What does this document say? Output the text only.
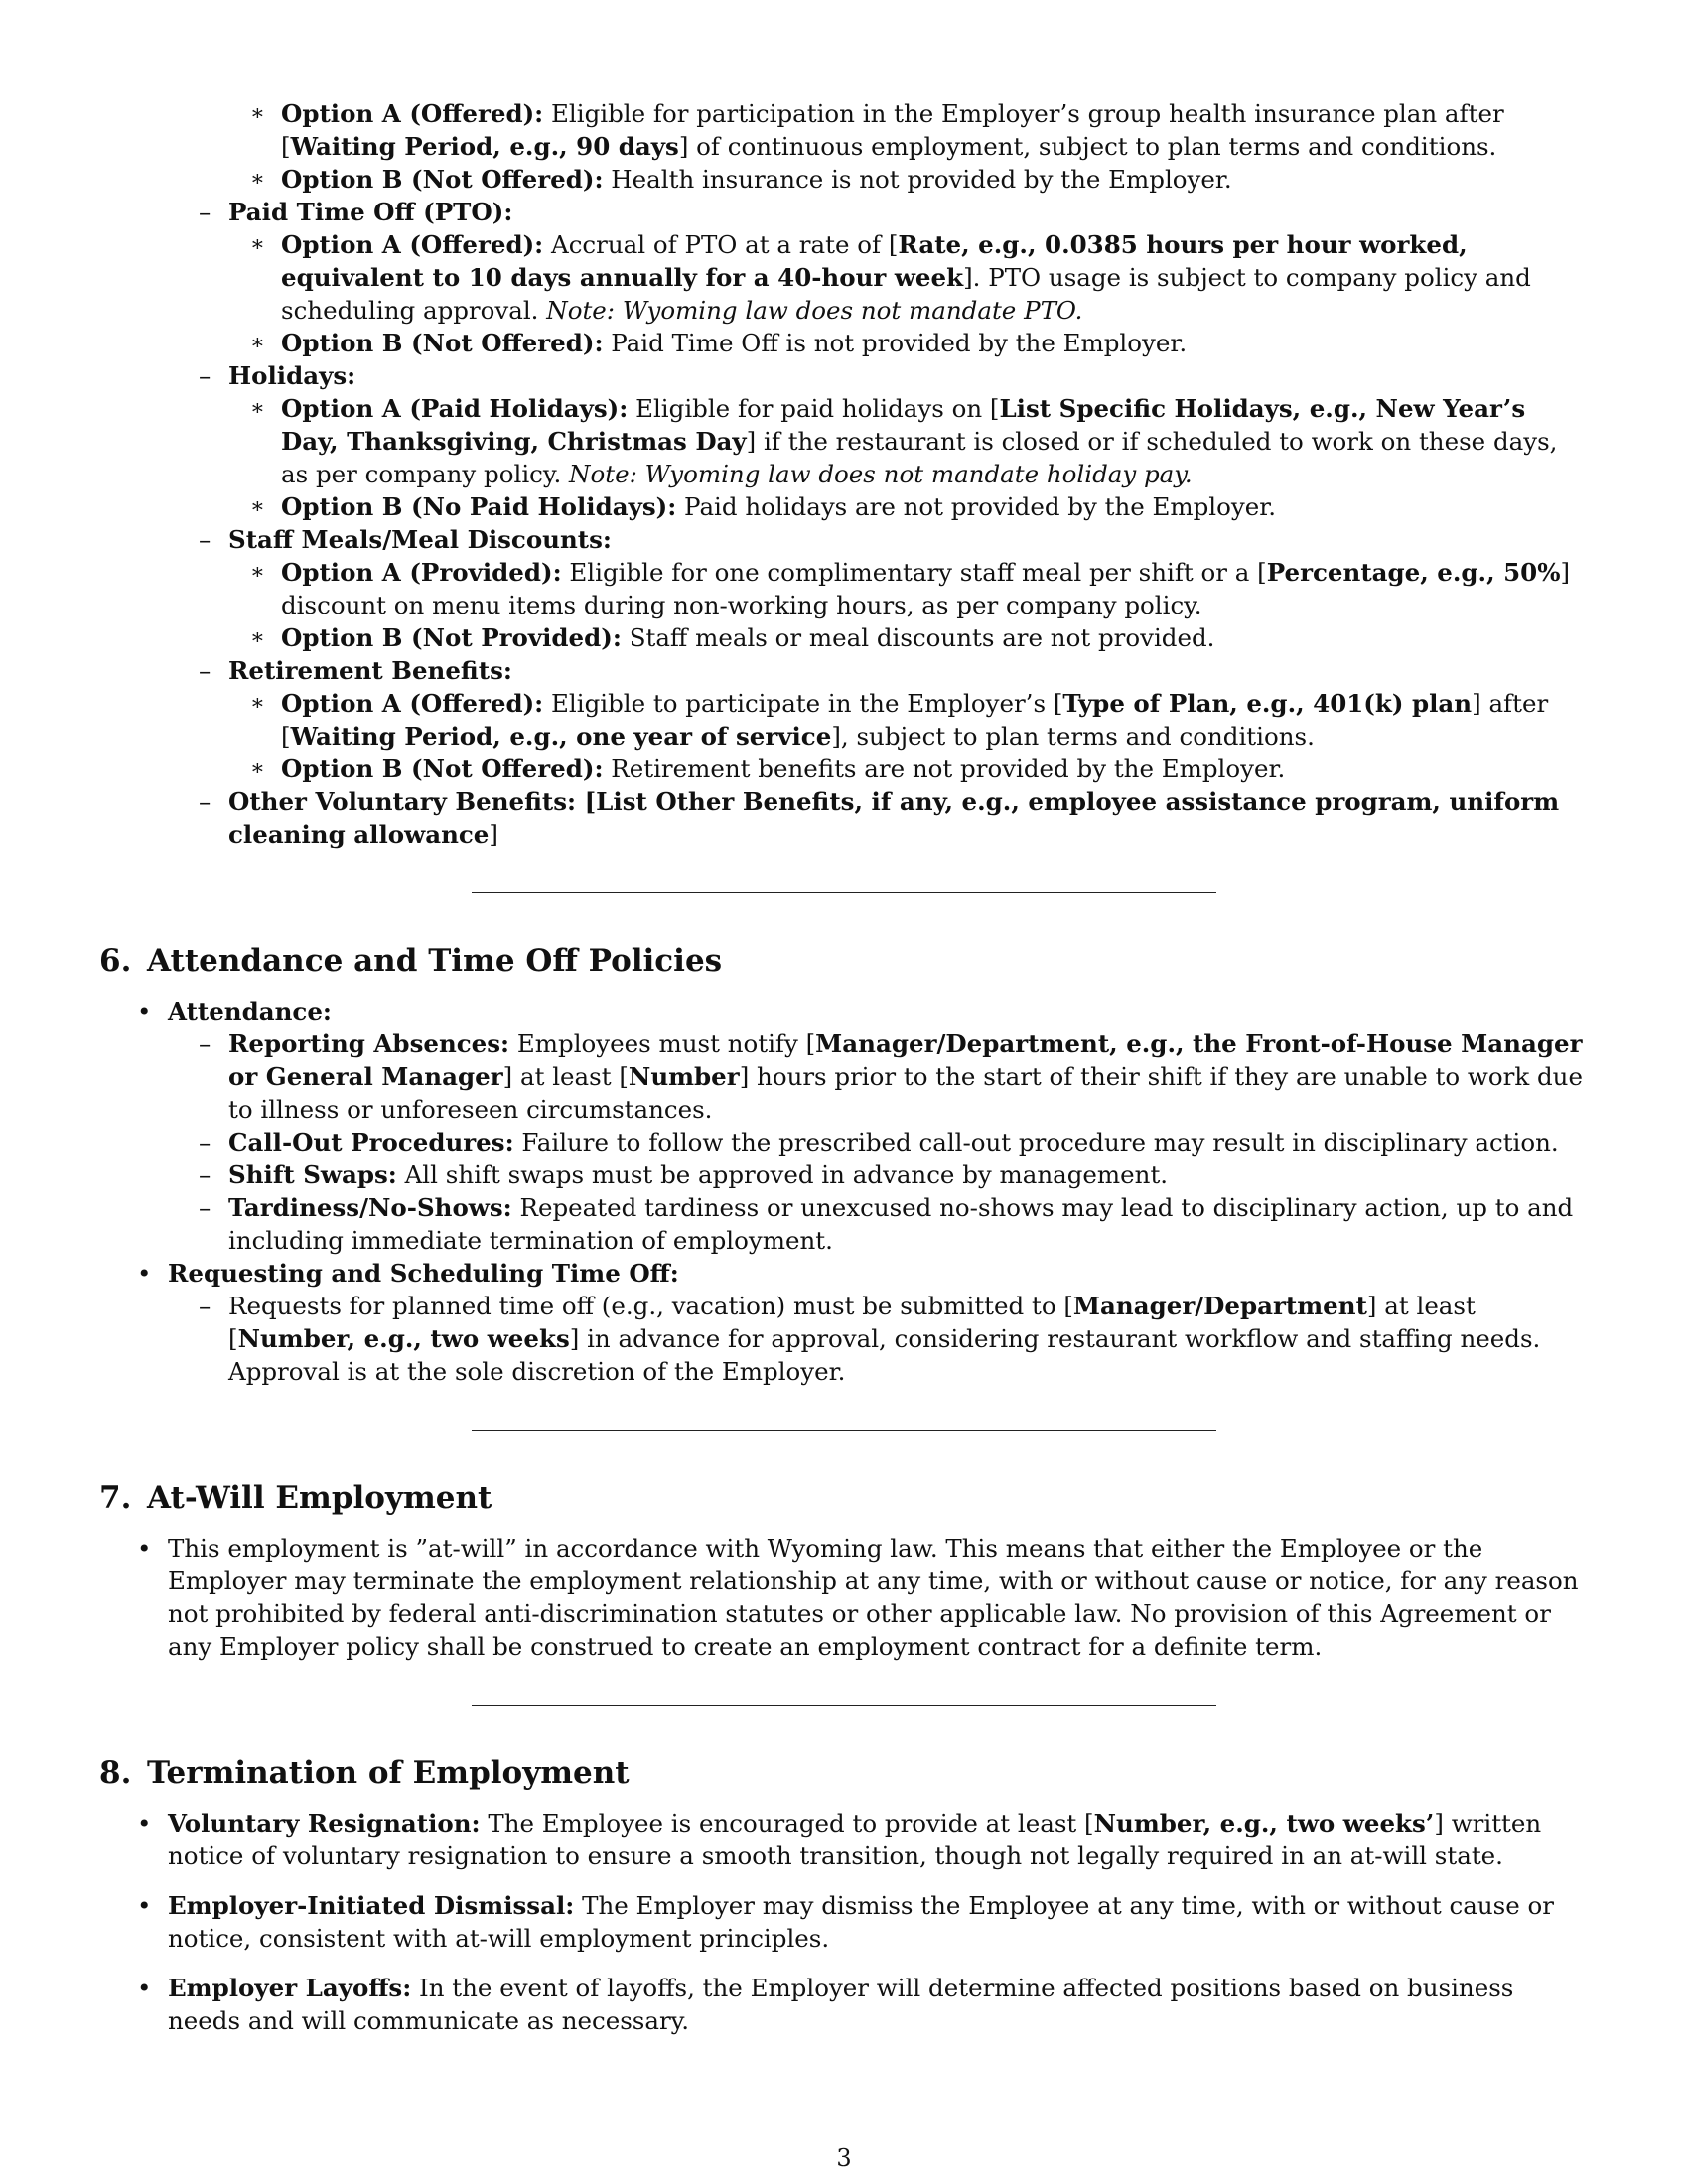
∗ Option A (Offered): Eligible for participation in the Employer’s group health insurance plan after [Waiting Period, e.g., 90 days] of continuous employment, subject to plan terms and conditions.

∗ Option B (Not Offered): Health insurance is not provided by the Employer.

– Paid Time Off (PTO):

∗ Option A (Offered): Accrual of PTO at a rate of [Rate, e.g., 0.0385 hours per hour worked, equivalent to 10 days annually for a 40-hour week]. PTO usage is subject to company policy and scheduling approval. Note: Wyoming law does not mandate PTO.

∗ Option B (Not Offered): Paid Time Off is not provided by the Employer.

– Holidays:

∗ Option A (Paid Holidays): Eligible for paid holidays on [List Specific Holidays, e.g., New Year’s Day, Thanksgiving, Christmas Day] if the restaurant is closed or if scheduled to work on these days, as per company policy. Note: Wyoming law does not mandate holiday pay.

∗ Option B (No Paid Holidays): Paid holidays are not provided by the Employer.

– Staff Meals/Meal Discounts:

∗ Option A (Provided): Eligible for one complimentary staff meal per shift or a [Percentage, e.g., 50%] discount on menu items during non-working hours, as per company policy.

∗ Option B (Not Provided): Staff meals or meal discounts are not provided.

– Retirement Benefits:

∗ Option A (Offered): Eligible to participate in the Employer’s [Type of Plan, e.g., 401(k) plan] after [Waiting Period, e.g., one year of service], subject to plan terms and conditions.

∗ Option B (Not Offered): Retirement benefits are not provided by the Employer.

– Other Voluntary Benefits: [List Other Benefits, if any, e.g., employee assistance program, uniform cleaning allowance]

6. Attendance and Time Off Policies

• Attendance:

– Reporting Absences: Employees must notify [Manager/Department, e.g., the Front-of-House Manager or General Manager] at least [Number] hours prior to the start of their shift if they are unable to work due to illness or unforeseen circumstances.

– Call-Out Procedures: Failure to follow the prescribed call-out procedure may result in disciplinary action.

– Shift Swaps: All shift swaps must be approved in advance by management.

– Tardiness/No-Shows: Repeated tardiness or unexcused no-shows may lead to disciplinary action, up to and including immediate termination of employment.

• Requesting and Scheduling Time Off:

– Requests for planned time off (e.g., vacation) must be submitted to [Manager/Department] at least [Number, e.g., two weeks] in advance for approval, considering restaurant workflow and staffing needs. Approval is at the sole discretion of the Employer.

7. At-Will Employment

• This employment is ”at-will” in accordance with Wyoming law. This means that either the Employee or the Employer may terminate the employment relationship at any time, with or without cause or notice, for any reason not prohibited by federal anti-discrimination statutes or other applicable law. No provision of this Agreement or any Employer policy shall be construed to create an employment contract for a definite term.

8. Termination of Employment

• Voluntary Resignation: The Employee is encouraged to provide at least [Number, e.g., two weeks’] written notice of voluntary resignation to ensure a smooth transition, though not legally required in an at-will state.

• Employer-Initiated Dismissal: The Employer may dismiss the Employee at any time, with or without cause or notice, consistent with at-will employment principles.

• Employer Layoffs: In the event of layoffs, the Employer will determine affected positions based on business needs and will communicate as necessary.

3
